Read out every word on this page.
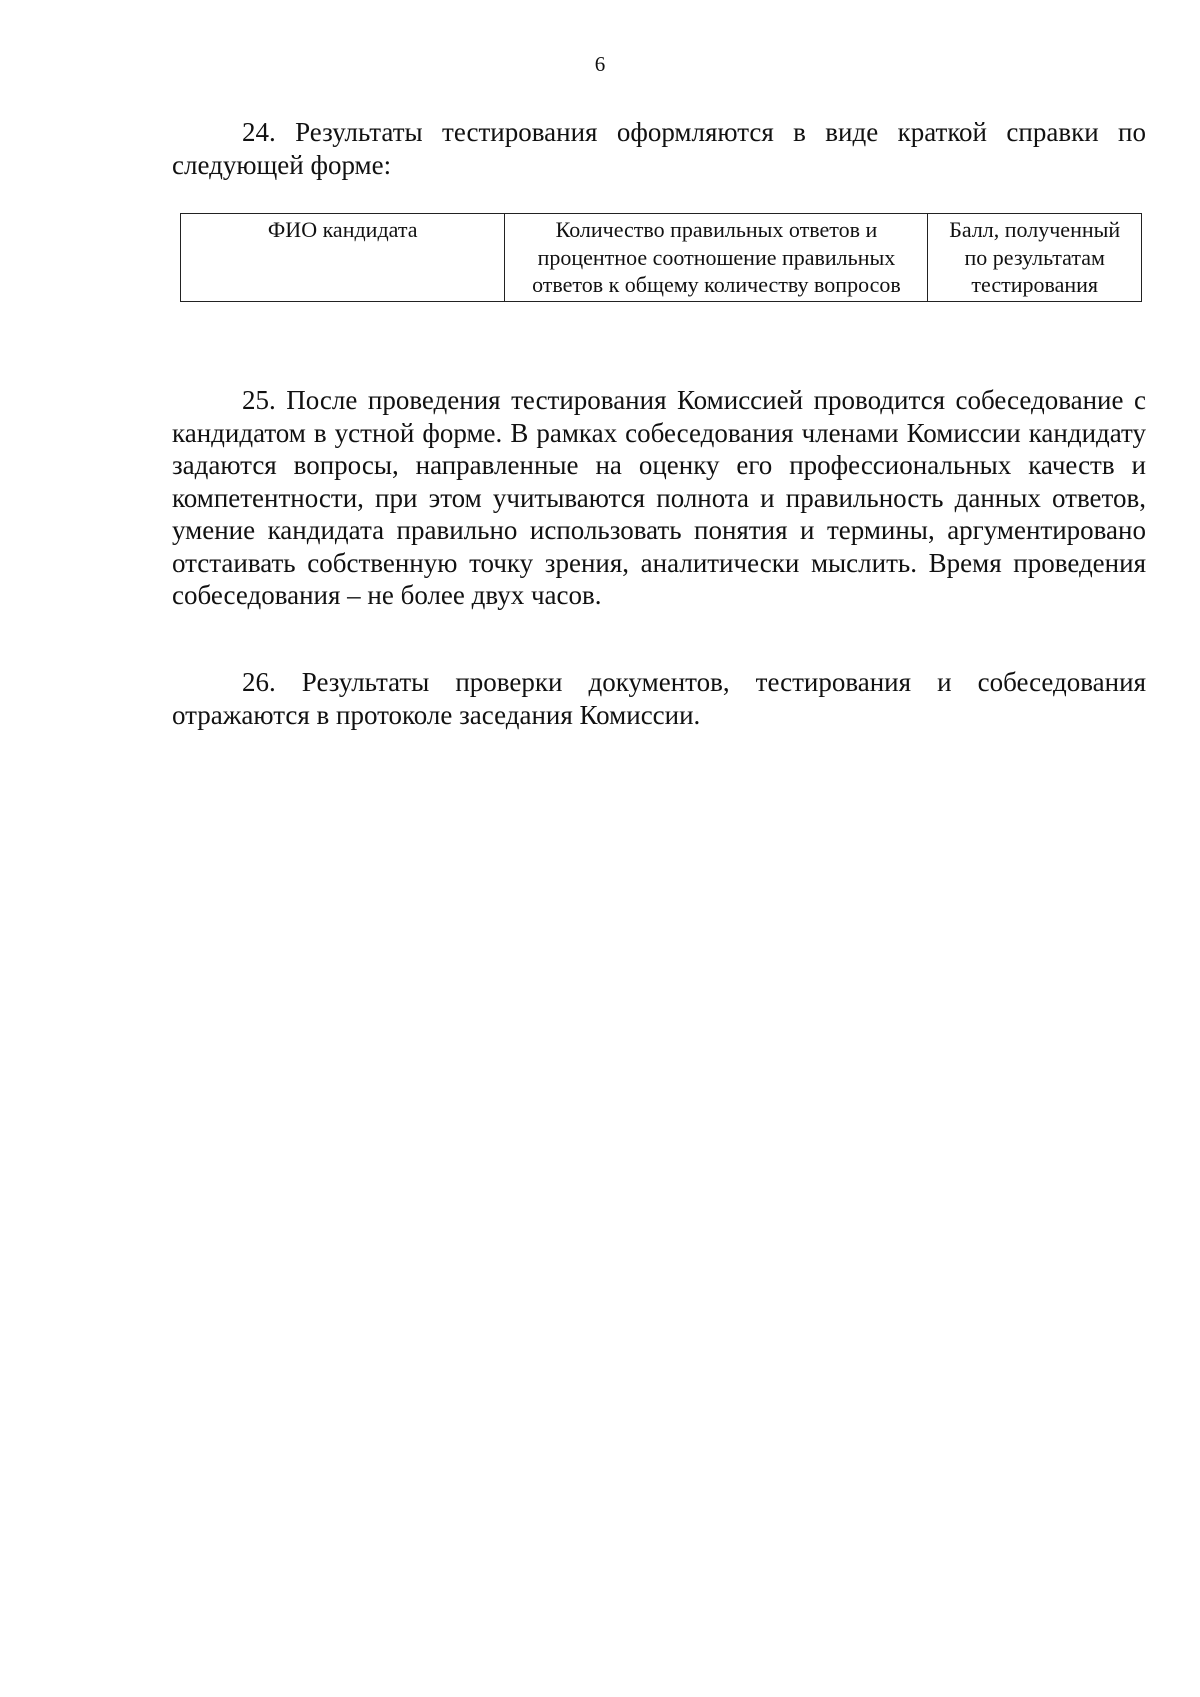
6

24. Результаты тестирования оформляются в виде краткой справки по следующей форме:

ФИО кандидата	Количество правильных ответов и процентное соотношение правильных ответов к общему количеству вопросов	Балл, полученный по результатам тестирования

25. После проведения тестирования Комиссией проводится собеседование с кандидатом в устной форме. В рамках собеседования членами Комиссии кандидату задаются вопросы, направленные на оценку его профессиональных качеств и компетентности, при этом учитываются полнота и правильность данных ответов, умение кандидата правильно использовать понятия и термины, аргументировано отстаивать собственную точку зрения, аналитически мыслить. Время проведения собеседования – не более двух часов.

26. Результаты проверки документов, тестирования и собеседования отражаются в протоколе заседания Комиссии.
